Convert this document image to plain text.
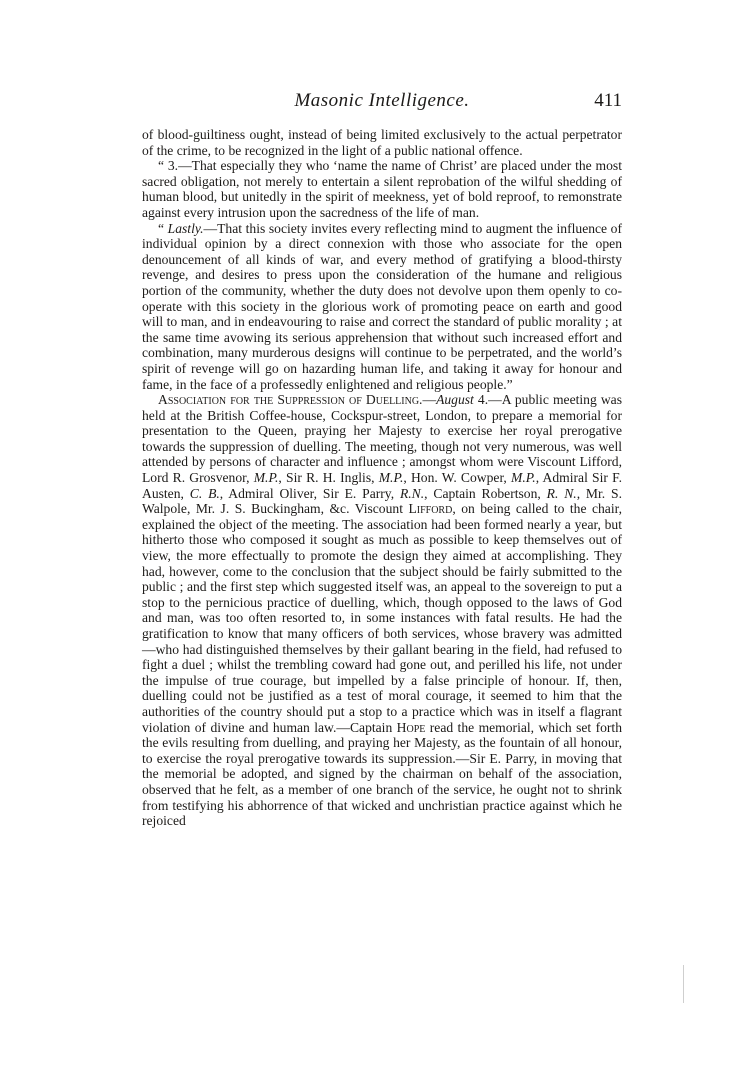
Masonic Intelligence.	411

of blood-guiltiness ought, instead of being limited exclusively to the actual perpetrator of the crime, to be recognized in the light of a public national offence.

“ 3.—That especially they who ‘name the name of Christ’ are placed under the most sacred obligation, not merely to entertain a silent reprobation of the wilful shedding of human blood, but unitedly in the spirit of meekness, yet of bold reproof, to remonstrate against every intrusion upon the sacredness of the life of man.

“ Lastly.—That this society invites every reflecting mind to augment the influence of individual opinion by a direct connexion with those who associate for the open denouncement of all kinds of war, and every method of gratifying a blood-thirsty revenge, and desires to press upon the consideration of the humane and religious portion of the community, whether the duty does not devolve upon them openly to co-operate with this society in the glorious work of promoting peace on earth and good will to man, and in endeavouring to raise and correct the standard of public morality ; at the same time avowing its serious apprehension that without such increased effort and combination, many murderous designs will continue to be perpetrated, and the world’s spirit of revenge will go on hazarding human life, and taking it away for honour and fame, in the face of a professedly enlightened and religious people.”

Association for the Suppression of Duelling.—August 4.—A public meeting was held at the British Coffee-house, Cockspur-street, London, to prepare a memorial for presentation to the Queen, praying her Majesty to exercise her royal prerogative towards the suppression of duelling. The meeting, though not very numerous, was well attended by persons of character and influence ; amongst whom were Viscount Lifford, Lord R. Grosvenor, M.P., Sir R. H. Inglis, M.P., Hon. W. Cowper, M.P., Admiral Sir F. Austen, C. B., Admiral Oliver, Sir E. Parry, R.N., Captain Robertson, R. N., Mr. S. Walpole, Mr. J. S. Buckingham, &c. Viscount Lifford, on being called to the chair, explained the object of the meeting. The association had been formed nearly a year, but hitherto those who composed it sought as much as possible to keep themselves out of view, the more effectually to promote the design they aimed at accomplishing. They had, however, come to the conclusion that the subject should be fairly submitted to the public ; and the first step which suggested itself was, an appeal to the sovereign to put a stop to the pernicious practice of duelling, which, though opposed to the laws of God and man, was too often resorted to, in some instances with fatal results. He had the gratification to know that many officers of both services, whose bravery was admitted—who had distinguished themselves by their gallant bearing in the field, had refused to fight a duel ; whilst the trembling coward had gone out, and perilled his life, not under the impulse of true courage, but impelled by a false principle of honour. If, then, duelling could not be justified as a test of moral courage, it seemed to him that the authorities of the country should put a stop to a practice which was in itself a flagrant violation of divine and human law.—Captain Hope read the memorial, which set forth the evils resulting from duelling, and praying her Majesty, as the fountain of all honour, to exercise the royal prerogative towards its suppression.—Sir E. Parry, in moving that the memorial be adopted, and signed by the chairman on behalf of the association, observed that he felt, as a member of one branch of the service, he ought not to shrink from testifying his abhorrence of that wicked and unchristian practice against which he rejoiced
